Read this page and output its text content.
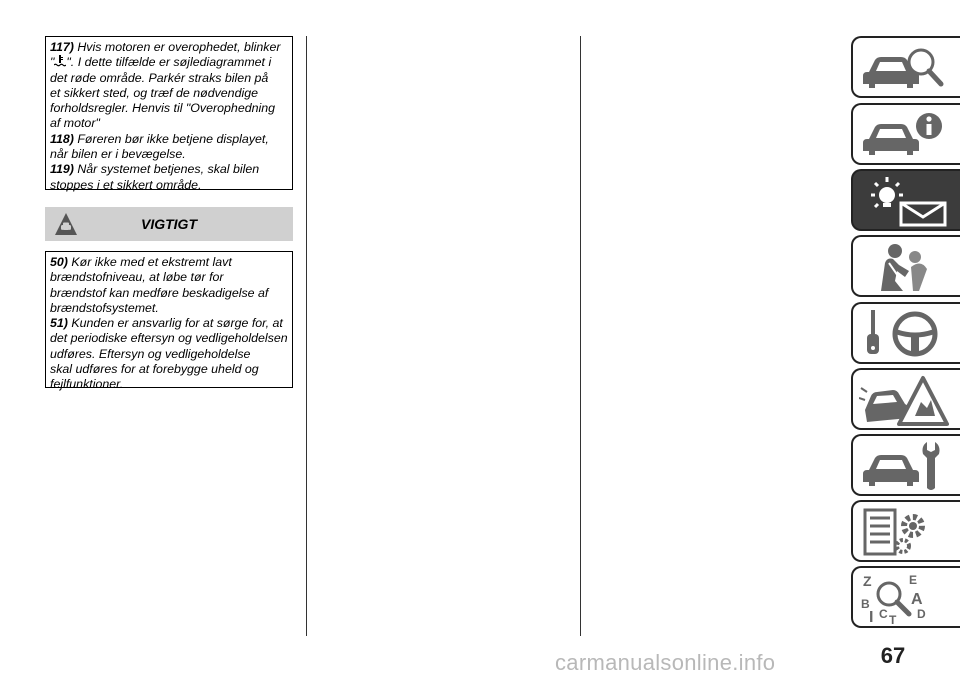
117) Hvis motoren er overophedet, blinker
" ". I dette tilfælde er søjlediagrammet i
det røde område. Parkér straks bilen på
et sikkert sted, og træf de nødvendige
forholdsregler. Henvis til "Overophedning
af motor"
118) Føreren bør ikke betjene displayet,
når bilen er i bevægelse.
119) Når systemet betjenes, skal bilen
stoppes i et sikkert område.
VIGTIGT
50) Kør ikke med et ekstremt lavt
brændstofniveau, at løbe tør for
brændstof kan medføre beskadigelse af
brændstofsystemet.
51) Kunden er ansvarlig for at sørge for, at
det periodiske eftersyn og vedligeholdelsen
udføres. Eftersyn og vedligeholdelse
skal udføres for at forebygge uheld og
fejlfunktioner.
Z	E
A
B
I C T D
67
carmanualsonline.info
